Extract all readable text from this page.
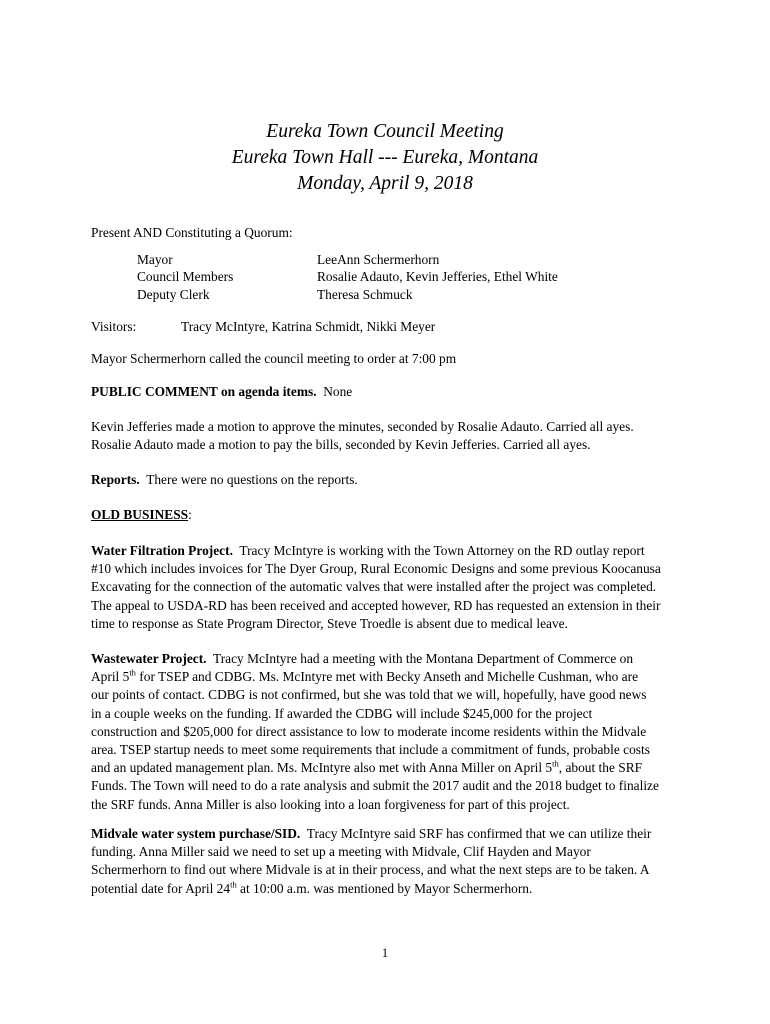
Eureka Town Council Meeting
Eureka Town Hall --- Eureka, Montana
Monday, April 9, 2018
Present AND Constituting a Quorum:
Mayor	LeeAnn Schermerhorn
Council Members	Rosalie Adauto, Kevin Jefferies, Ethel White
Deputy Clerk	Theresa Schmuck
Visitors:	Tracy McIntyre, Katrina Schmidt, Nikki Meyer
Mayor Schermerhorn called the council meeting to order at 7:00 pm
PUBLIC COMMENT on agenda items. None
Kevin Jefferies made a motion to approve the minutes, seconded by Rosalie Adauto. Carried all ayes.
Rosalie Adauto made a motion to pay the bills, seconded by Kevin Jefferies. Carried all ayes.
Reports. There were no questions on the reports.
OLD BUSINESS:
Water Filtration Project. Tracy McIntyre is working with the Town Attorney on the RD outlay report
#10 which includes invoices for The Dyer Group, Rural Economic Designs and some previous Koocanusa
Excavating for the connection of the automatic valves that were installed after the project was completed.
The appeal to USDA-RD has been received and accepted however, RD has requested an extension in their
time to response as State Program Director, Steve Troedle is absent due to medical leave.
Wastewater Project. Tracy McIntyre had a meeting with the Montana Department of Commerce on
April 5th for TSEP and CDBG. Ms. McIntyre met with Becky Anseth and Michelle Cushman, who are
our points of contact. CDBG is not confirmed, but she was told that we will, hopefully, have good news
in a couple weeks on the funding. If awarded the CDBG will include $245,000 for the project
construction and $205,000 for direct assistance to low to moderate income residents within the Midvale
area. TSEP startup needs to meet some requirements that include a commitment of funds, probable costs
and an updated management plan. Ms. McIntyre also met with Anna Miller on April 5th, about the SRF
Funds. The Town will need to do a rate analysis and submit the 2017 audit and the 2018 budget to finalize
the SRF funds. Anna Miller is also looking into a loan forgiveness for part of this project.
Midvale water system purchase/SID. Tracy McIntyre said SRF has confirmed that we can utilize their
funding. Anna Miller said we need to set up a meeting with Midvale, Clif Hayden and Mayor
Schermerhorn to find out where Midvale is at in their process, and what the next steps are to be taken. A
potential date for April 24th at 10:00 a.m. was mentioned by Mayor Schermerhorn.
1
